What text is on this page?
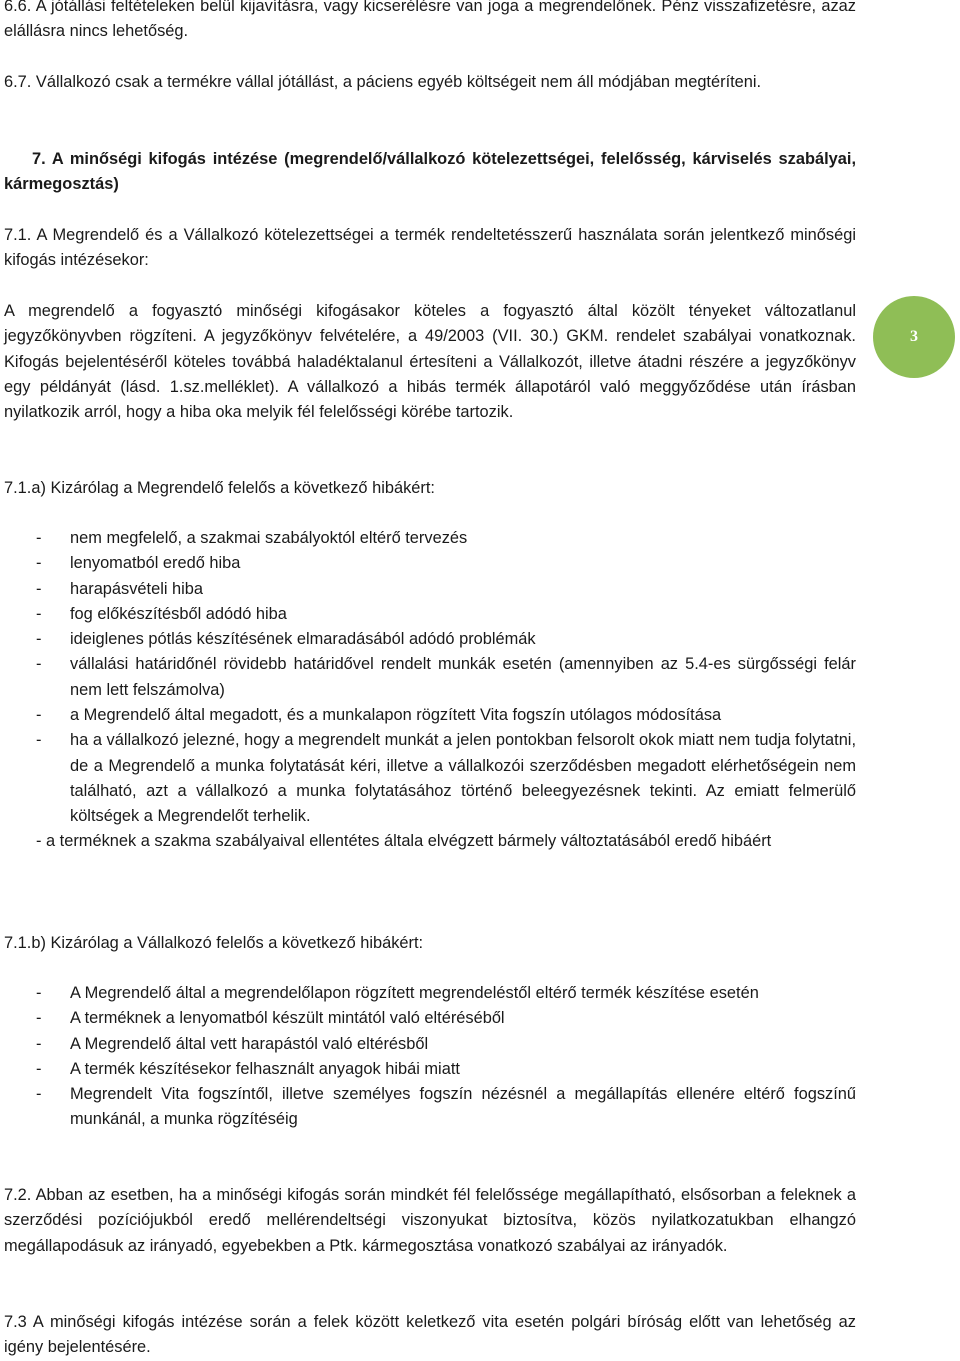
6.6. A jótállási feltételeken belül kijavításra, vagy kicserélésre van joga a megrendelőnek. Pénz visszafizetésre, azaz elállásra nincs lehetőség.
6.7. Vállalkozó csak a termékre vállal jótállást, a páciens egyéb költségeit nem áll módjában megtéríteni.
7. A minőségi kifogás intézése (megrendelő/vállalkozó kötelezettségei, felelősség, kárviselés szabályai, kármegosztás)
7.1. A Megrendelő és a Vállalkozó kötelezettségei a termék rendeltetésszerű használata során jelentkező minőségi kifogás intézésekor:
A megrendelő a fogyasztó minőségi kifogásakor köteles a fogyasztó által közölt tényeket változatlanul jegyzőkönyvben rögzíteni. A jegyzőkönyv felvételére, a 49/2003 (VII. 30.) GKM. rendelet szabályai vonatkoznak. Kifogás bejelentéséről köteles továbbá haladéktalanul értesíteni a Vállalkozót, illetve átadni részére a jegyzőkönyv egy példányát (lásd. 1.sz.melléklet). A vállalkozó a hibás termék állapotáról való meggyőződése után írásban nyilatkozik arról, hogy a hiba oka melyik fél felelősségi körébe tartozik.
7.1.a) Kizárólag a Megrendelő felelős a következő hibákért:
- nem megfelelő, a szakmai szabályoktól eltérő tervezés
- lenyomatból eredő hiba
- harapásvételi hiba
- fog előkészítésből adódó hiba
- ideiglenes pótlás készítésének elmaradásából adódó problémák
- vállalási határidőnél rövidebb határidővel rendelt munkák esetén (amennyiben az 5.4-es sürgősségi felár nem lett felszámolva)
- a Megrendelő által megadott, és a munkalapon rögzített Vita fogszín utólagos módosítása
- ha a vállalkozó jelezné, hogy a megrendelt munkát a jelen pontokban felsorolt okok miatt nem tudja folytatni, de a Megrendelő a munka folytatását kéri, illetve a vállalkozói szerződésben megadott elérhetőségein nem található, azt a vállalkozó a munka folytatásához történő beleegyezésnek tekinti. Az emiatt felmerülő költségek a Megrendelőt terhelik.
- a terméknek a szakma szabályaival ellentétes általa elvégzett bármely változtatásából eredő hibáért
7.1.b) Kizárólag a Vállalkozó felelős a következő hibákért:
- A Megrendelő által a megrendelőlapon rögzített megrendeléstől eltérő termék készítése esetén
- A terméknek a lenyomatból készült mintától való eltéréséből
- A Megrendelő által vett harapástól való eltérésből
- A termék készítésekor felhasznált anyagok hibái miatt
- Megrendelt Vita fogszíntől, illetve személyes fogszín nézésnél a megállapítás ellenére eltérő fogszínű munkánál, a munka rögzítéséig
7.2. Abban az esetben, ha a minőségi kifogás során mindkét fél felelőssége megállapítható, elsősorban a feleknek a szerződési pozíciójukból eredő mellérendeltségi viszonyukat biztosítva, közös nyilatkozatukban elhangzó megállapodásuk az irányadó, egyebekben a Ptk. kármegosztása vonatkozó szabályai az irányadók.
7.3 A minőségi kifogás intézése során a felek között keletkező vita esetén polgári bíróság előtt van lehetőség az igény bejelentésére.
3
